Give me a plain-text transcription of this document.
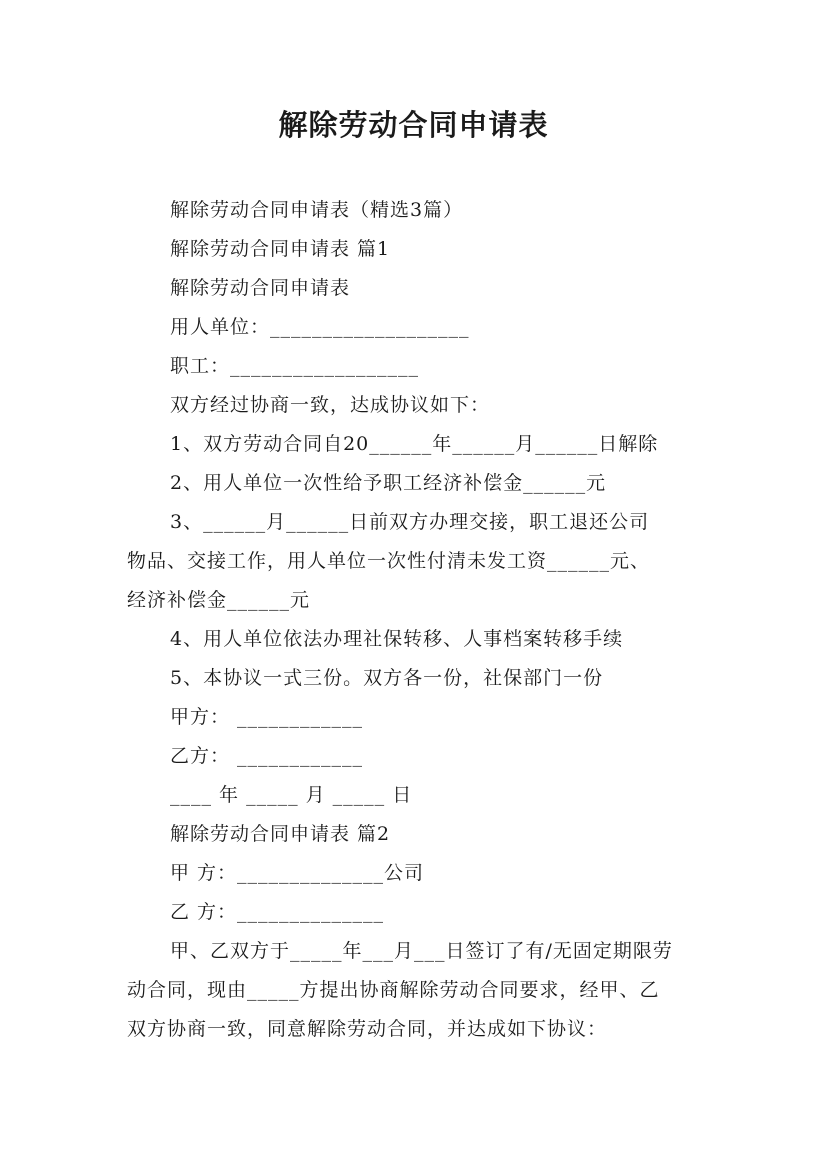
解除劳动合同申请表
解除劳动合同申请表（精选3篇）
解除劳动合同申请表 篇1
解除劳动合同申请表
用人单位：___________________
职工：__________________
双方经过协商一致，达成协议如下：
1、双方劳动合同自20______年______月______日解除
2、用人单位一次性给予职工经济补偿金______元
3、______月______日前双方办理交接，职工退还公司
物品、交接工作，用人单位一次性付清未发工资______元、
经济补偿金______元
4、用人单位依法办理社保转移、人事档案转移手续
5、本协议一式三份。双方各一份，社保部门一份
甲方： ____________
乙方： ____________
____ 年 _____ 月 _____ 日
解除劳动合同申请表 篇2
甲 方：______________公司
乙 方：______________
甲、乙双方于_____年___月___日签订了有/无固定期限劳
动合同，现由_____方提出协商解除劳动合同要求，经甲、乙
双方协商一致，同意解除劳动合同，并达成如下协议：
